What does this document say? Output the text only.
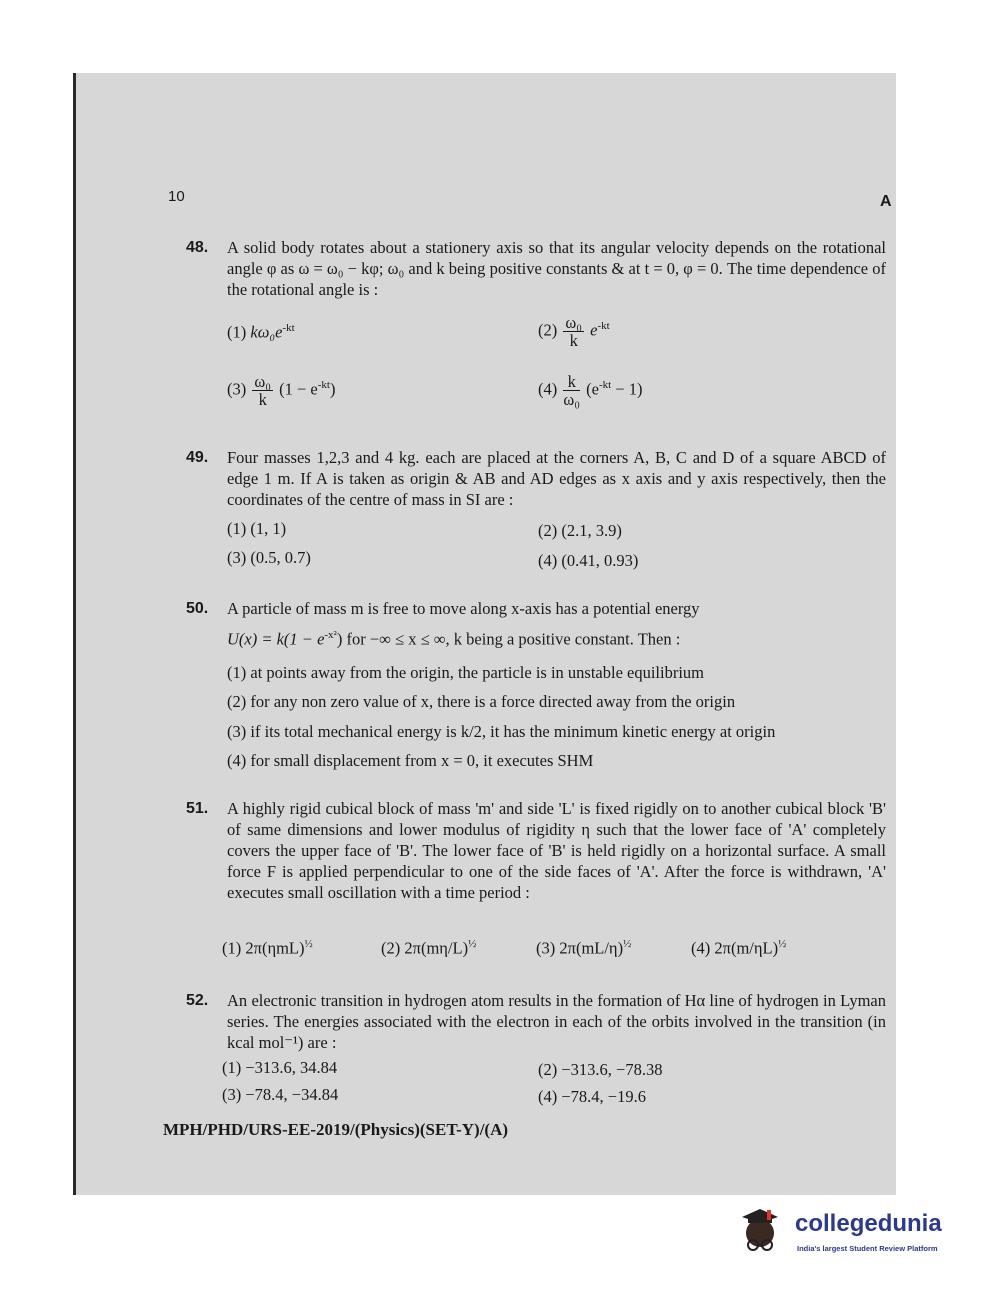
10	A
48. A solid body rotates about a stationery axis so that its angular velocity depends on the rotational angle φ as ω = ω₀ − kφ; ω₀ and k being positive constants & at t = 0, φ = 0. The time dependence of the rotational angle is :
(1) $k\omega_0e^{-kt}$	$(2) \frac{\text{ω₀}}{k} e^{-kt}$
$(3) \frac{\text{ω₀}}{k} (1 - e^{-kt})$	$(4) \frac{k}{\text{ω₀}} (e^{-kt} - 1)$
49. Four masses 1,2,3 and 4 kg. each are placed at the corners A, B, C and D of a square ABCD of edge 1 m. If A is taken as origin & AB and AD edges as x axis and y axis respectively, then the coordinates of the centre of mass in SI are :
(1) (1, 1)	(2) (2.1, 3.9)
(3) (0.5, 0.7)	(4) (0.41, 0.93)
50. A particle of mass m is free to move along x-axis has a potential energy
$U(x) = k(1 - e^{-x^2})$ for −∞ ≤ x ≤ ∞, k being a positive constant. Then :
(1) at points away from the origin, the particle is in unstable equilibrium
(2) for any non zero value of x, there is a force directed away from the origin
(3) if its total mechanical energy is k/2, it has the minimum kinetic energy at origin
(4) for small displacement from x = 0, it executes SHM
51. A highly rigid cubical block of mass 'm' and side 'L' is fixed rigidly on to another cubical block 'B' of same dimensions and lower modulus of rigidity η such that the lower face of 'A' completely covers the upper face of 'B'. The lower face of 'B' is held rigidly on a horizontal surface. A small force F is applied perpendicular to one of the side faces of 'A'. After the force is withdrawn, 'A' executes small oscillation with a time period :
(1) $2\pi(\eta mL)^{\frac{1}{2}}$	(2) $2\pi(m\eta/L)^{\frac{1}{2}}$	(3) $2\pi(mL/\eta)^{\frac{1}{2}}$	(4) $2\pi(m/\eta L)^{\frac{1}{2}}$
52. An electronic transition in hydrogen atom results in the formation of Hα line of hydrogen in Lyman series. The energies associated with the electron in each of the orbits involved in the transition (in kcal mol⁻¹) are :
(1) −313.6, 34.84	(2) −313.6, −78.38
(3) −78.4, −34.84	(4) −78.4, −19.6
MPH/PHD/URS-EE-2019/(Physics)(SET-Y)/(A)
collegedunia
India's largest Student Review Platform
